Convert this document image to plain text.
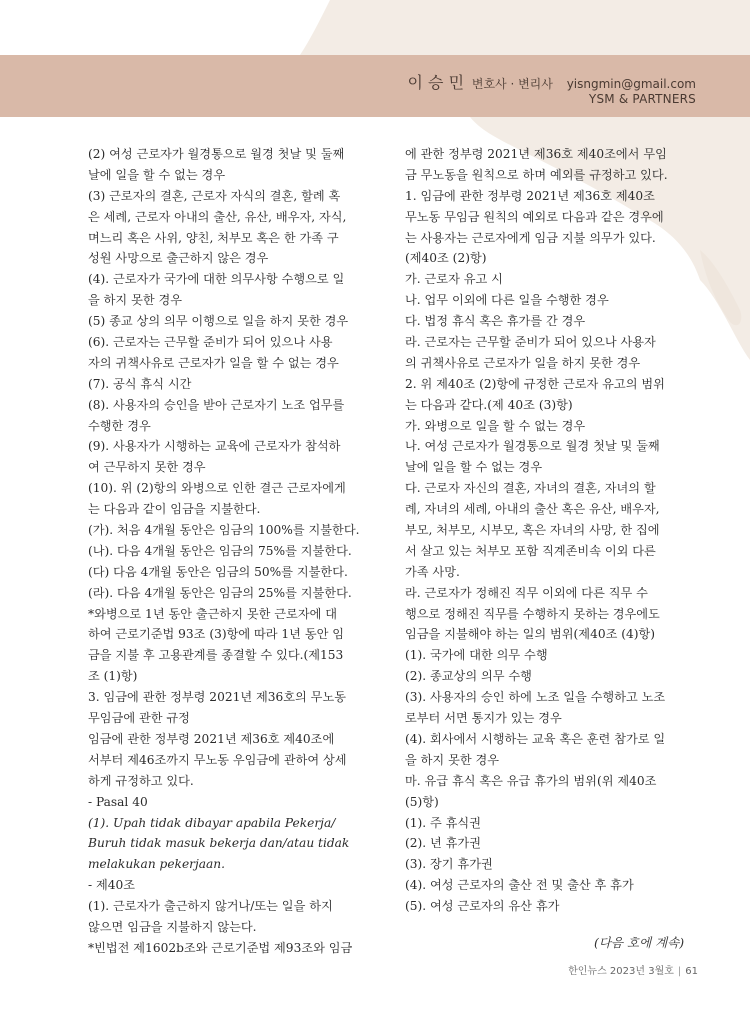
이 승 민 변호사 · 변리사 yisngmin@gmail.com
YSM & PARTNERS
(2) 여성 근로자가 월경통으로 월경 첫날 및 둘째
날에 일을 할 수 없는 경우
(3) 근로자의 결혼, 근로자 자식의 결혼, 할례 혹
은 세례, 근로자 아내의 출산, 유산, 배우자, 자식,
며느리 혹은 사위, 양친, 처부모 혹은 한 가족 구
성원 사망으로 출근하지 않은 경우
(4). 근로자가 국가에 대한 의무사항 수행으로 일
을 하지 못한 경우
(5) 종교 상의 의무 이행으로 일을 하지 못한 경우
(6). 근로자는 근무할 준비가 되어 있으나 사용
자의 귀책사유로 근로자가 일을 할 수 없는 경우
(7). 공식 휴식 시간
(8). 사용자의 승인을 받아 근로자기 노조 업무를
수행한 경우
(9). 사용자가 시행하는 교육에 근로자가 참석하
여 근무하지 못한 경우
(10). 위 (2)항의 와병으로 인한 결근 근로자에게
는 다음과 같이 임금을 지불한다.
(가). 처음 4개월 동안은 임금의 100%를 지불한다.
(나). 다음 4개월 동안은 임금의 75%를 지불한다.
(다) 다음 4개월 동안은 임금의 50%를 지불한다.
(라). 다음 4개월 동안은 임금의 25%를 지불한다.
*와병으로 1년 동안 출근하지 못한 근로자에 대
하여 근로기준법 93조 (3)항에 따라 1년 동안 임
금을 지불 후 고용관계를 종결할 수 있다.(제153
조 (1)항)
3. 임금에 관한 정부령 2021년 제36호의 무노동
무임금에 관한 규정
임금에 관한 정부령 2021년 제36호 제40조에
서부터 제46조까지 무노동 우임금에 관하여 상세
하게 규정하고 있다.
- Pasal 40
(1). Upah tidak dibayar apabila Pekerja/
Buruh tidak masuk bekerja dan/atau tidak
melakukan pekerjaan.
- 제40조
(1). 근로자가 출근하지 않거나/또는 일을 하지
않으면 임금을 지불하지 않는다.
*빈법전 제1602b조와 근로기준법 제93조와 임금
에 관한 정부령 2021년 제36호 제40조에서 무임
금 무노동을 원칙으로 하며 예외를 규정하고 있다.
1. 임금에 관한 정부령 2021년 제36호 제40조
무노동 무임금 원칙의 예외로 다음과 같은 경우에
는 사용자는 근로자에게 임금 지불 의무가 있다.
(제40조 (2)항)
가. 근로자 유고 시
나. 업무 이외에 다른 일을 수행한 경우
다. 법정 휴식 혹은 휴가를 간 경우
라. 근로자는 근무할 준비가 되어 있으나 사용자
의 귀책사유로 근로자가 일을 하지 못한 경우
2. 위 제40조 (2)항에 규정한 근로자 유고의 범위
는 다음과 같다.(제 40조 (3)항)
가. 와병으로 일을 할 수 없는 경우
나. 여성 근로자가 월경통으로 월경 첫날 및 둘째
날에 일을 할 수 없는 경우
다. 근로자 자신의 결혼, 자녀의 결혼, 자녀의 할
례, 자녀의 세례, 아내의 출산 혹은 유산, 배우자,
부모, 처부모, 시부모, 혹은 자녀의 사망, 한 집에
서 살고 있는 처부모 포함 직계존비속 이외 다른
가족 사망.
라. 근로자가 정해진 직무 이외에 다른 직무 수
행으로 정해진 직무를 수행하지 못하는 경우에도
임금을 지불해야 하는 일의 범위(제40조 (4)항)
(1). 국가에 대한 의무 수행
(2). 종교상의 의무 수행
(3). 사용자의 승인 하에 노조 일을 수행하고 노조
로부터 서면 통지가 있는 경우
(4). 회사에서 시행하는 교육 혹은 훈련 참가로 일
을 하지 못한 경우
마. 유급 휴식 혹은 유급 휴가의 범위(위 제40조
(5)항)
(1). 주 휴식권
(2). 년 휴가권
(3). 장기 휴가권
(4). 여성 근로자의 출산 전 및 출산 후 휴가
(5). 여성 근로자의 유산 휴가
(다음 호에 계속)
한인뉴스 2023년 3월호 | 61
